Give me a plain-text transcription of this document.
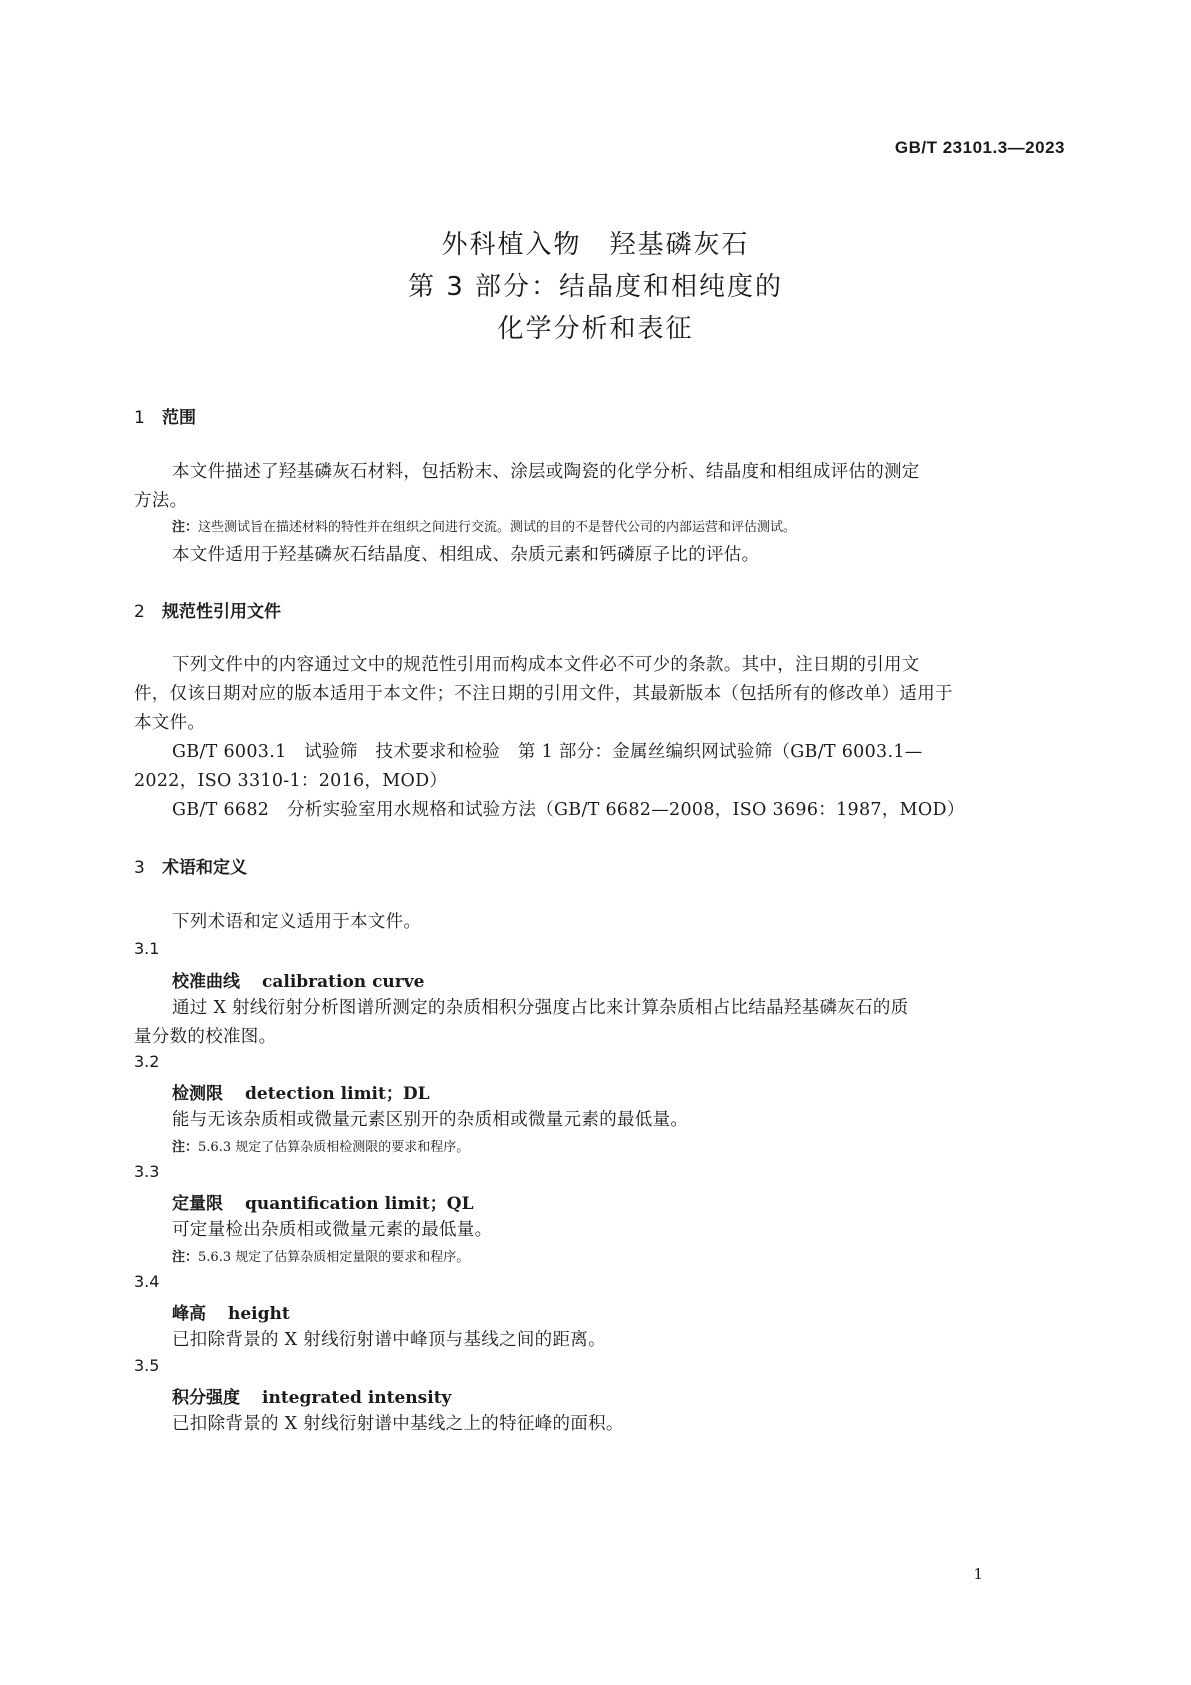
GB/T 23101.3—2023
外科植入物　羟基磷灰石
第 3 部分：结晶度和相纯度的
化学分析和表征
1 范围
本文件描述了羟基磷灰石材料，包括粉末、涂层或陶瓷的化学分析、结晶度和相组成评估的测定
方法。
注：这些测试旨在描述材料的特性并在组织之间进行交流。测试的目的不是替代公司的内部运营和评估测试。
本文件适用于羟基磷灰石结晶度、相组成、杂质元素和钙磷原子比的评估。
2 规范性引用文件
下列文件中的内容通过文中的规范性引用而构成本文件必不可少的条款。其中，注日期的引用文
件，仅该日期对应的版本适用于本文件；不注日期的引用文件，其最新版本（包括所有的修改单）适用于
本文件。
GB/T 6003.1　试验筛　技术要求和检验　第 1 部分：金属丝编织网试验筛（GB/T 6003.1—
2022，ISO 3310-1：2016，MOD）
GB/T 6682　分析实验室用水规格和试验方法（GB/T 6682—2008，ISO 3696：1987，MOD）
3 术语和定义
下列术语和定义适用于本文件。
3.1
校准曲线 calibration curve
通过 X 射线衍射分析图谱所测定的杂质相积分强度占比来计算杂质相占比结晶羟基磷灰石的质
量分数的校准图。
3.2
检测限 detection limit；DL
能与无该杂质相或微量元素区别开的杂质相或微量元素的最低量。
注：5.6.3 规定了估算杂质相检测限的要求和程序。
3.3
定量限 quantification limit；QL
可定量检出杂质相或微量元素的最低量。
注：5.6.3 规定了估算杂质相定量限的要求和程序。
3.4
峰高 height
已扣除背景的 X 射线衍射谱中峰顶与基线之间的距离。
3.5
积分强度 integrated intensity
已扣除背景的 X 射线衍射谱中基线之上的特征峰的面积。
1
